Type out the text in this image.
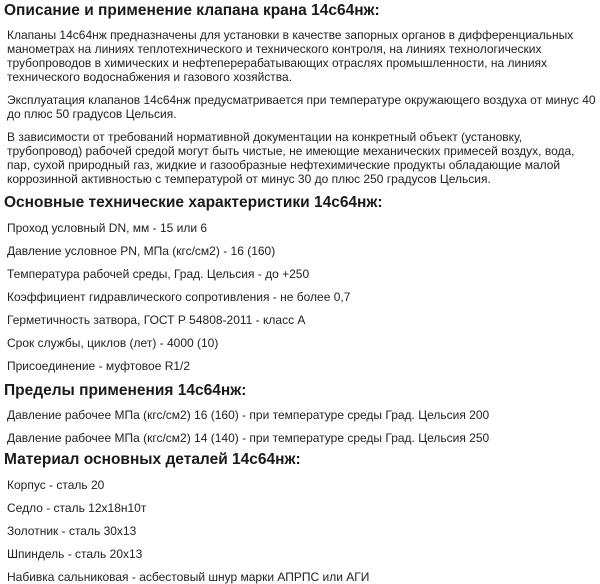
Описание и применение клапана крана 14с64нж:

Клапаны 14с64нж предназначены для установки в качестве запорных органов в дифференциальных манометрах на линиях теплотехнического и технического контроля, на линиях технологических трубопроводов в химических и нефтеперерабатывающих отраслях промышленности, на линиях технического водоснабжения и газового хозяйства.

Эксплуатация клапанов 14с64нж предусматривается при температуре окружающего воздуха от минус 40 до плюс 50 градусов Цельсия.

В зависимости от требований нормативной документации на конкретный объект (установку, трубопровод) рабочей средой могут быть чистые, не имеющие механических примесей воздух, вода, пар, сухой природный газ, жидкие и газообразные нефтехимические продукты обладающие малой коррозинной активностью с температурой от минус 30 до плюс 250 градусов Цельсия.

Основные технические характеристики 14с64нж:
Проход условный DN, мм - 15 или 6
Давление условное PN, МПа (кгс/см2) - 16 (160)
Температура рабочей среды, Град. Цельсия - до +250
Коэффициент гидравлического сопротивления - не более 0,7
Герметичность затвора, ГОСТ Р 54808-2011 - класс А
Срок службы, циклов (лет) - 4000 (10)
Присоединение - муфтовое R1/2
Пределы применения 14с64нж:
Давление рабочее МПа (кгс/см2) 16 (160) - при температуре среды Град. Цельсия 200
Давление рабочее МПа (кгс/см2) 14 (140) - при температуре среды Град. Цельсия 250
Материал основных деталей 14с64нж:
Корпус - сталь 20
Седло - сталь 12х18н10т
Золотник - сталь 30х13
Шпиндель - сталь 20х13
Набивка сальниковая - асбестовый шнур марки АПРПС или АГИ
